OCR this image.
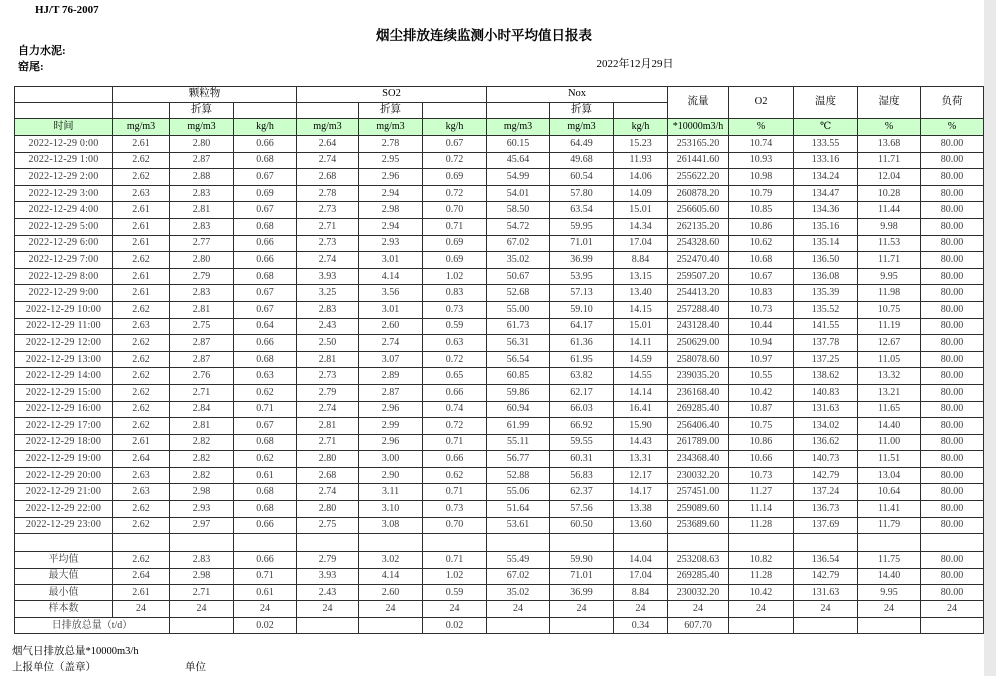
HJ/T 76-2007
烟尘排放连续监测小时平均值日报表
自力水泥:
窑尾:	2022年12月29日
	颗粒物			SO2			Nox			流量	O2	温度	湿度	负荷
		折算			折算			折算						
时间	mg/m3	mg/m3	kg/h	mg/m3	mg/m3	kg/h	mg/m3	mg/m3	kg/h	*10000m3/h	%	℃	%	%
2022-12-29 0:00	2.61	2.80	0.66	2.64	2.78	0.67	60.15	64.49	15.23	253165.20	10.74	133.55	13.68	80.00
2022-12-29 1:00	2.62	2.87	0.68	2.74	2.95	0.72	45.64	49.68	11.93	261441.60	10.93	133.16	11.71	80.00
2022-12-29 2:00	2.62	2.88	0.67	2.68	2.96	0.69	54.99	60.54	14.06	255622.20	10.98	134.24	12.04	80.00
2022-12-29 3:00	2.63	2.83	0.69	2.78	2.94	0.72	54.01	57.80	14.09	260878.20	10.79	134.47	10.28	80.00
2022-12-29 4:00	2.61	2.81	0.67	2.73	2.98	0.70	58.50	63.54	15.01	256605.60	10.85	134.36	11.44	80.00
2022-12-29 5:00	2.61	2.83	0.68	2.71	2.94	0.71	54.72	59.95	14.34	262135.20	10.86	135.16	9.98	80.00
2022-12-29 6:00	2.61	2.77	0.66	2.73	2.93	0.69	67.02	71.01	17.04	254328.60	10.62	135.14	11.53	80.00
2022-12-29 7:00	2.62	2.80	0.66	2.74	3.01	0.69	35.02	36.99	8.84	252470.40	10.68	136.50	11.71	80.00
2022-12-29 8:00	2.61	2.79	0.68	3.93	4.14	1.02	50.67	53.95	13.15	259507.20	10.67	136.08	9.95	80.00
2022-12-29 9:00	2.61	2.83	0.67	3.25	3.56	0.83	52.68	57.13	13.40	254413.20	10.83	135.39	11.98	80.00
2022-12-29 10:00	2.62	2.81	0.67	2.83	3.01	0.73	55.00	59.10	14.15	257288.40	10.73	135.52	10.75	80.00
2022-12-29 11:00	2.63	2.75	0.64	2.43	2.60	0.59	61.73	64.17	15.01	243128.40	10.44	141.55	11.19	80.00
2022-12-29 12:00	2.62	2.87	0.66	2.50	2.74	0.63	56.31	61.36	14.11	250629.00	10.94	137.78	12.67	80.00
2022-12-29 13:00	2.62	2.87	0.68	2.81	3.07	0.72	56.54	61.95	14.59	258078.60	10.97	137.25	11.05	80.00
2022-12-29 14:00	2.62	2.76	0.63	2.73	2.89	0.65	60.85	63.82	14.55	239035.20	10.55	138.62	13.32	80.00
2022-12-29 15:00	2.62	2.71	0.62	2.79	2.87	0.66	59.86	62.17	14.14	236168.40	10.42	140.83	13.21	80.00
2022-12-29 16:00	2.62	2.84	0.71	2.74	2.96	0.74	60.94	66.03	16.41	269285.40	10.87	131.63	11.65	80.00
2022-12-29 17:00	2.62	2.81	0.67	2.81	2.99	0.72	61.99	66.92	15.90	256406.40	10.75	134.02	14.40	80.00
2022-12-29 18:00	2.61	2.82	0.68	2.71	2.96	0.71	55.11	59.55	14.43	261789.00	10.86	136.62	11.00	80.00
2022-12-29 19:00	2.64	2.82	0.62	2.80	3.00	0.66	56.77	60.31	13.31	234368.40	10.66	140.73	11.51	80.00
2022-12-29 20:00	2.63	2.82	0.61	2.68	2.90	0.62	52.88	56.83	12.17	230032.20	10.73	142.79	13.04	80.00
2022-12-29 21:00	2.63	2.98	0.68	2.74	3.11	0.71	55.06	62.37	14.17	257451.00	11.27	137.24	10.64	80.00
2022-12-29 22:00	2.62	2.93	0.68	2.80	3.10	0.73	51.64	57.56	13.38	259089.60	11.14	136.73	11.41	80.00
2022-12-29 23:00	2.62	2.97	0.66	2.75	3.08	0.70	53.61	60.50	13.60	253689.60	11.28	137.69	11.79	80.00

平均值	2.62	2.83	0.66	2.79	3.02	0.71	55.49	59.90	14.04	253208.63	10.82	136.54	11.75	80.00
最大值	2.64	2.98	0.71	3.93	4.14	1.02	67.02	71.01	17.04	269285.40	11.28	142.79	14.40	80.00
最小值	2.61	2.71	0.61	2.43	2.60	0.59	35.02	36.99	8.84	230032.20	10.42	131.63	9.95	80.00
样本数	24	24	24	24	24	24	24	24	24	24	24	24	24	24
日排放总量（t/d）			0.02			0.02			0.34	607.70				
烟气日排放总量*10000m3/h
上报单位（盖章）	单位
